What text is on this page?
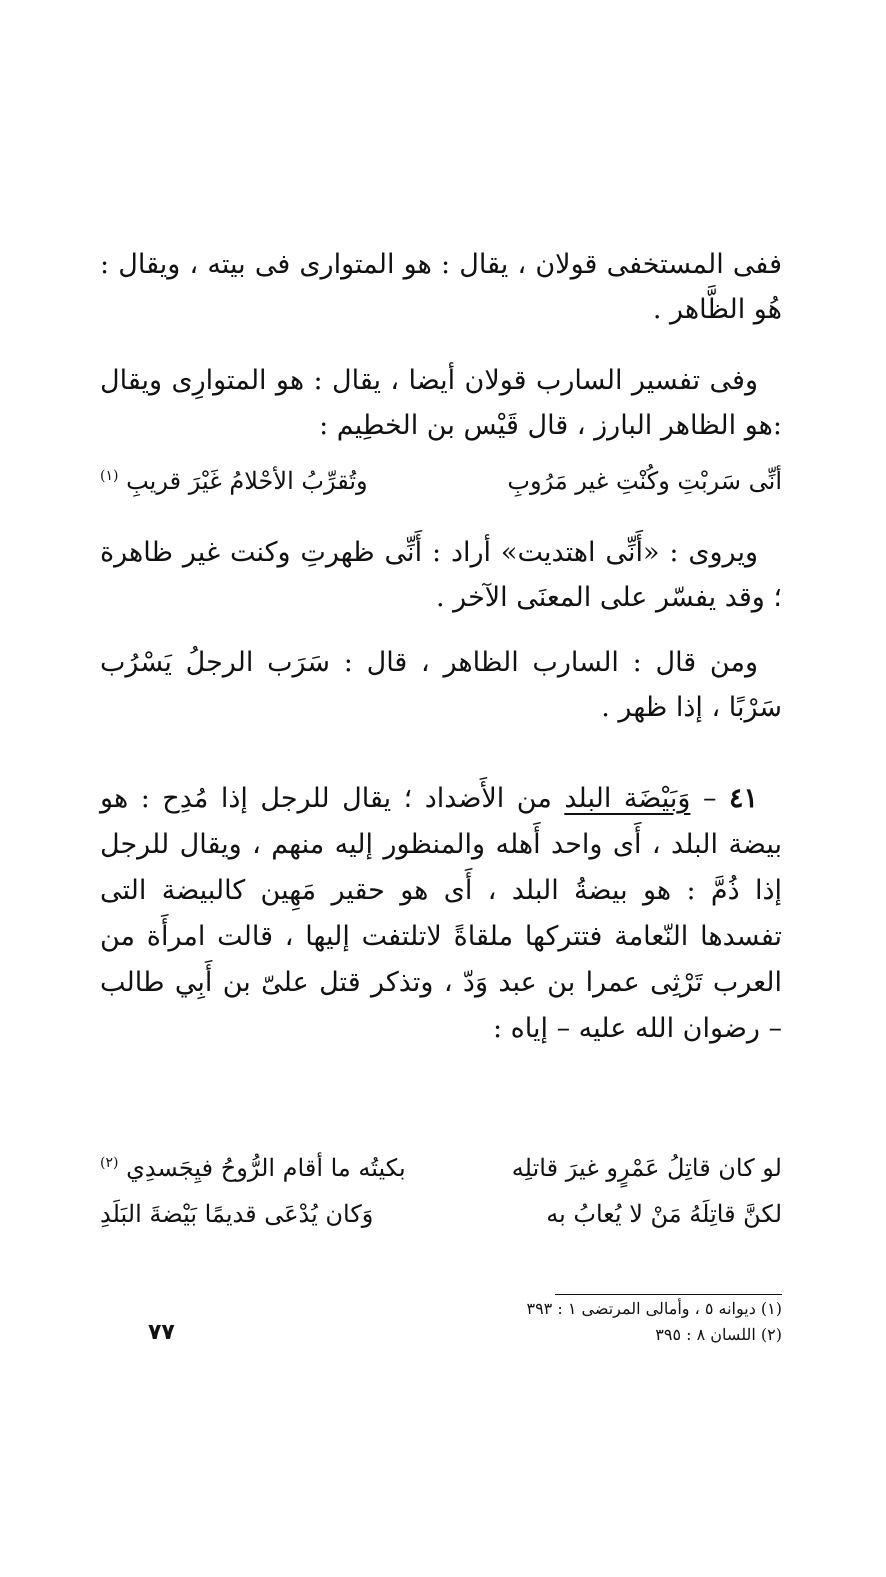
ففى المستخفى قولان ، يقال : هو المتوارى فى بيته ، ويقال : هُو الظَّاهر .

وفى تفسير السارب قولان أيضا ، يقال : هو المتوارِى ويقال :هو الظاهر البارز ، قال قَيْس بن الخطِيم :

أنِّى سَربْتِ وكُنْتِ غير مَرُوبِ
وتُقرِّبُ الأحْلامُ غَيْرَ قريبِ $^{(١)}$

ويروى : «أَنِّى اهتديت» أراد : أَنِّى ظهرتِ وكنت غير ظاهرة ؛ وقد يفسّر على المعنَى الآخر .

ومن قال : السارب الظاهر ، قال : سَرَب الرجلُ يَسْرُب سَرْبًا ، إذا ظهر .

٤١ – وَبَيْضَة البلد من الأَضداد ؛ يقال للرجل إذا مُدِح : هو بيضة البلد ، أَى واحد أَهله والمنظور إليه منهم ، ويقال للرجل إذا ذُمَّ : هو بيضةُ البلد ، أَى هو حقير مَهِين كالبيضة التى تفسدها النّعامة فتتركها ملقاةً لاتلتفت إليها ، قالت امرأَة من العرب تَرْثِى عمرا بن عبد وَدّ ، وتذكر قتل علىّ بن أَبِي طالب – رضوان الله عليه – إياه :

لو كان قاتِلُ عَمْرٍو غيرَ قاتلِه
بكيتُه ما أقام الرُّوحُ فيِجَسدِي $^{(٢)}$
لكنَّ قاتِلَهُ مَنْ لا يُعابُ به
وَكان يُدْعَى قديمًا بَيْضةَ البَلَدِ
(١) ديوانه ٥ ، وأمالى المرتضى ١ : ٣٩٣
(٢) اللسان ٨ : ٣٩٥
٧٧
